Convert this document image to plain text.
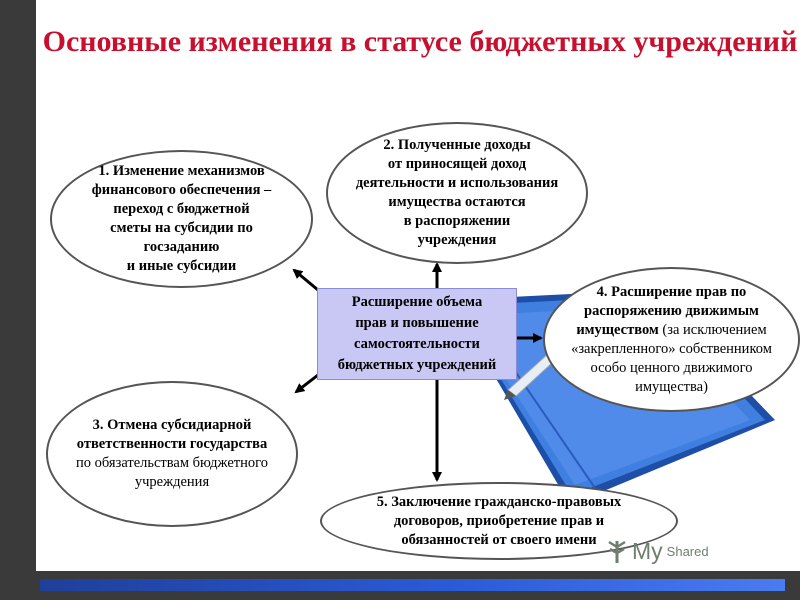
Основные изменения в статусе бюджетных учреждений
1. Изменение механизмов
финансового обеспечения –
переход с бюджетной
сметы на субсидии по
госзаданию
и иные субсидии
2. Полученные доходы
от приносящей доход
деятельности и использования
имущества остаются
в распоряжении
учреждения
3. Отмена субсидиарной
ответственности государства
по обязательствам бюджетного
учреждения
4. Расширение прав по
распоряжению движимым
имуществом (за исключением
«закрепленного» собственником
особо ценного движимого
имущества)
5. Заключение гражданско-правовых
договоров, приобретение прав и
обязанностей от своего имени
Расширение объема
прав и повышение
самостоятельности
бюджетных учреждений
My Shared
